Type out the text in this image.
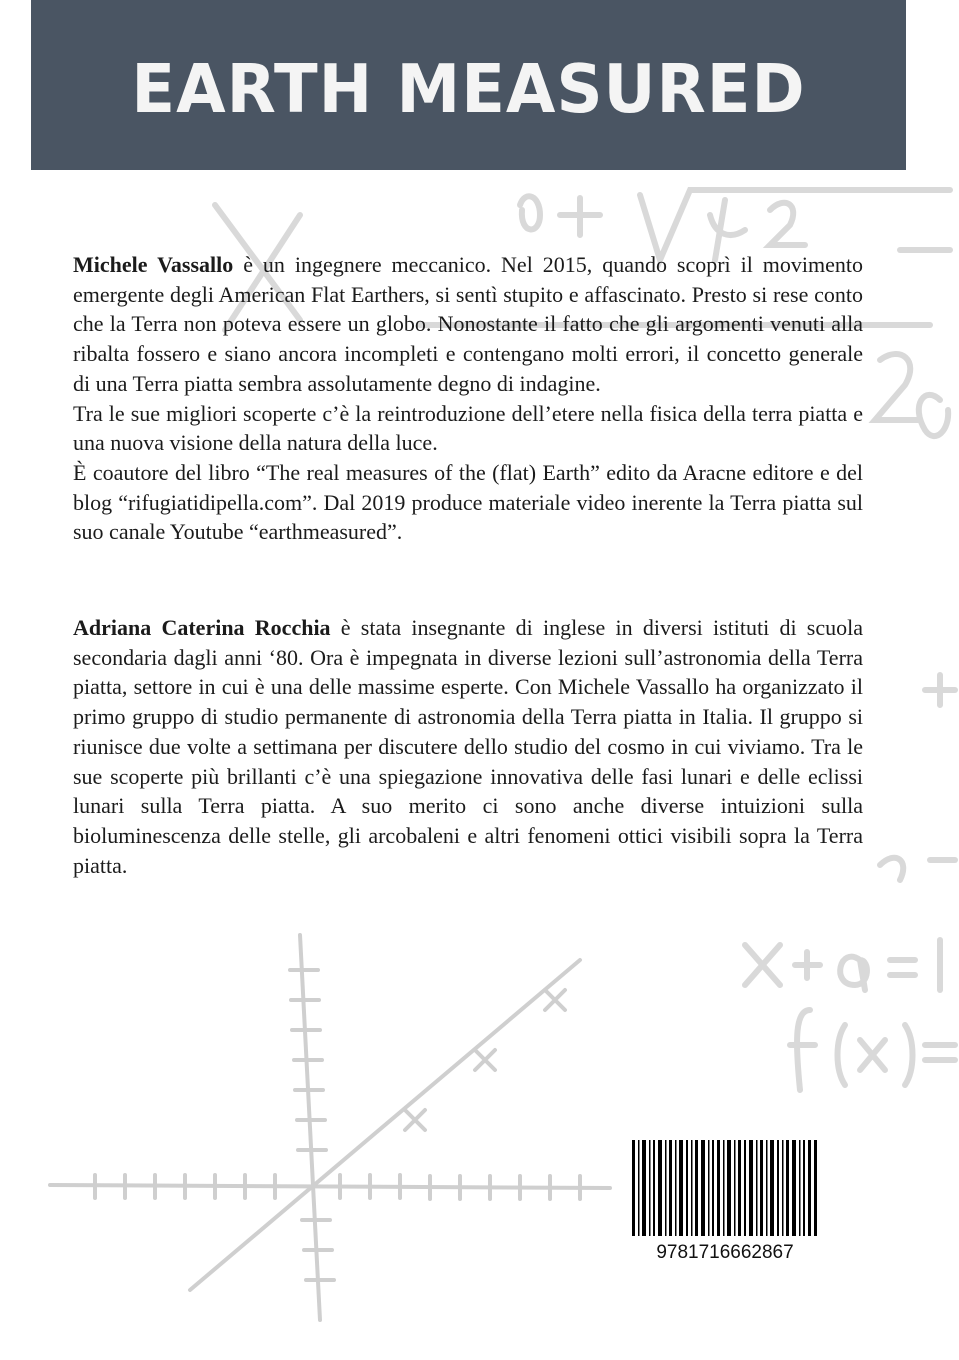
EARTH MEASURED

Michele Vassallo è un ingegnere meccanico. Nel 2015, quando scoprì il movimento emergente degli American Flat Earthers, si sentì stupito e affascinato. Presto si rese conto che la Terra non poteva essere un globo. Nonostante il fatto che gli argomenti venuti alla ribalta fossero e siano ancora incompleti e contengano molti errori, il concetto generale di una Terra piatta sembra assolutamente degno di indagine.

Tra le sue migliori scoperte c’è la reintroduzione dell’etere nella fisica della terra piatta e una nuova visione della natura della luce.

È coautore del libro “The real measures of the (flat) Earth” edito da Aracne editore e del blog “rifugiatidipella.com”. Dal 2019 produce materiale video inerente la Terra piatta sul suo canale Youtube “earthmeasured”.

Adriana Caterina Rocchia è stata insegnante di inglese in diversi istituti di scuola secondaria dagli anni ‘80. Ora è impegnata in diverse lezioni sull’astronomia della Terra piatta, settore in cui è una delle massime esperte. Con Michele Vassallo ha organizzato il primo gruppo di studio permanente di astronomia della Terra piatta in Italia. Il gruppo si riunisce due volte a settimana per discutere dello studio del cosmo in cui viviamo. Tra le sue scoperte più brillanti c’è una spiegazione innovativa delle fasi lunari e delle eclissi lunari sulla Terra piatta. A suo merito ci sono anche diverse intuizioni sulla bioluminescenza delle stelle, gli arcobaleni e altri fenomeni ottici visibili sopra la Terra piatta.

9781716662867
